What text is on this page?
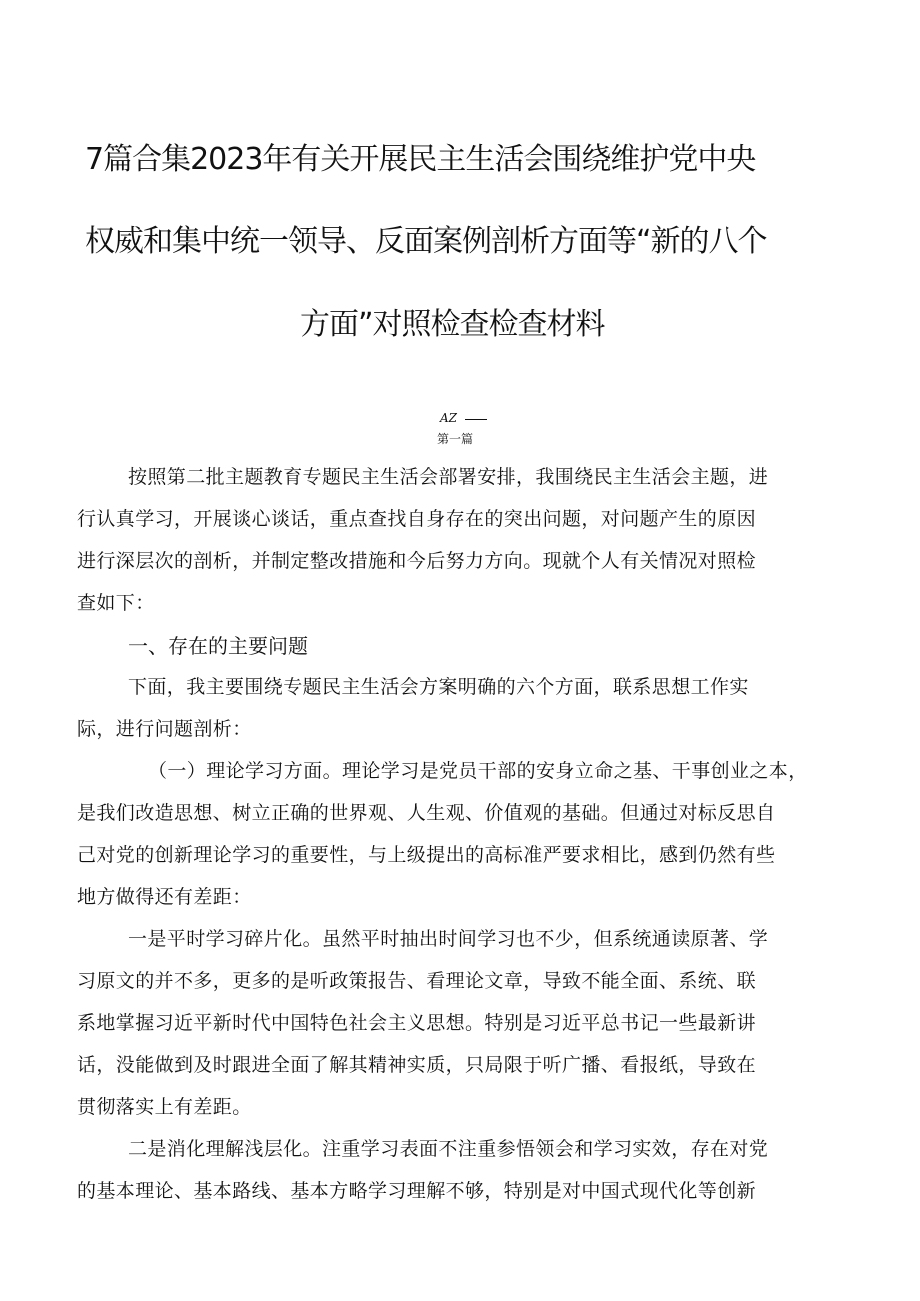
7篇合集2023年有关开展民主生活会围绕维护党中央
权威和集中统一领导、反面案例剖析方面等“新的八个
方面”对照检查检查材料
AZ
第一篇
按照第二批主题教育专题民主生活会部署安排，我围绕民主生活会主题，进
行认真学习，开展谈心谈话，重点查找自身存在的突出问题，对问题产生的原因
进行深层次的剖析，并制定整改措施和今后努力方向。现就个人有关情况对照检
查如下：
一、存在的主要问题
下面，我主要围绕专题民主生活会方案明确的六个方面，联系思想工作实
际，进行问题剖析：
（一）理论学习方面。理论学习是党员干部的安身立命之基、干事创业之本，
是我们改造思想、树立正确的世界观、人生观、价值观的基础。但通过对标反思自
己对党的创新理论学习的重要性，与上级提出的高标准严要求相比，感到仍然有些
地方做得还有差距：
一是平时学习碎片化。虽然平时抽出时间学习也不少，但系统通读原著、学
习原文的并不多，更多的是听政策报告、看理论文章，导致不能全面、系统、联
系地掌握习近平新时代中国特色社会主义思想。特别是习近平总书记一些最新讲
话，没能做到及时跟进全面了解其精神实质，只局限于听广播、看报纸，导致在
贯彻落实上有差距。
二是消化理解浅层化。注重学习表面不注重参悟领会和学习实效，存在对党
的基本理论、基本路线、基本方略学习理解不够，特别是对中国式现代化等创新
